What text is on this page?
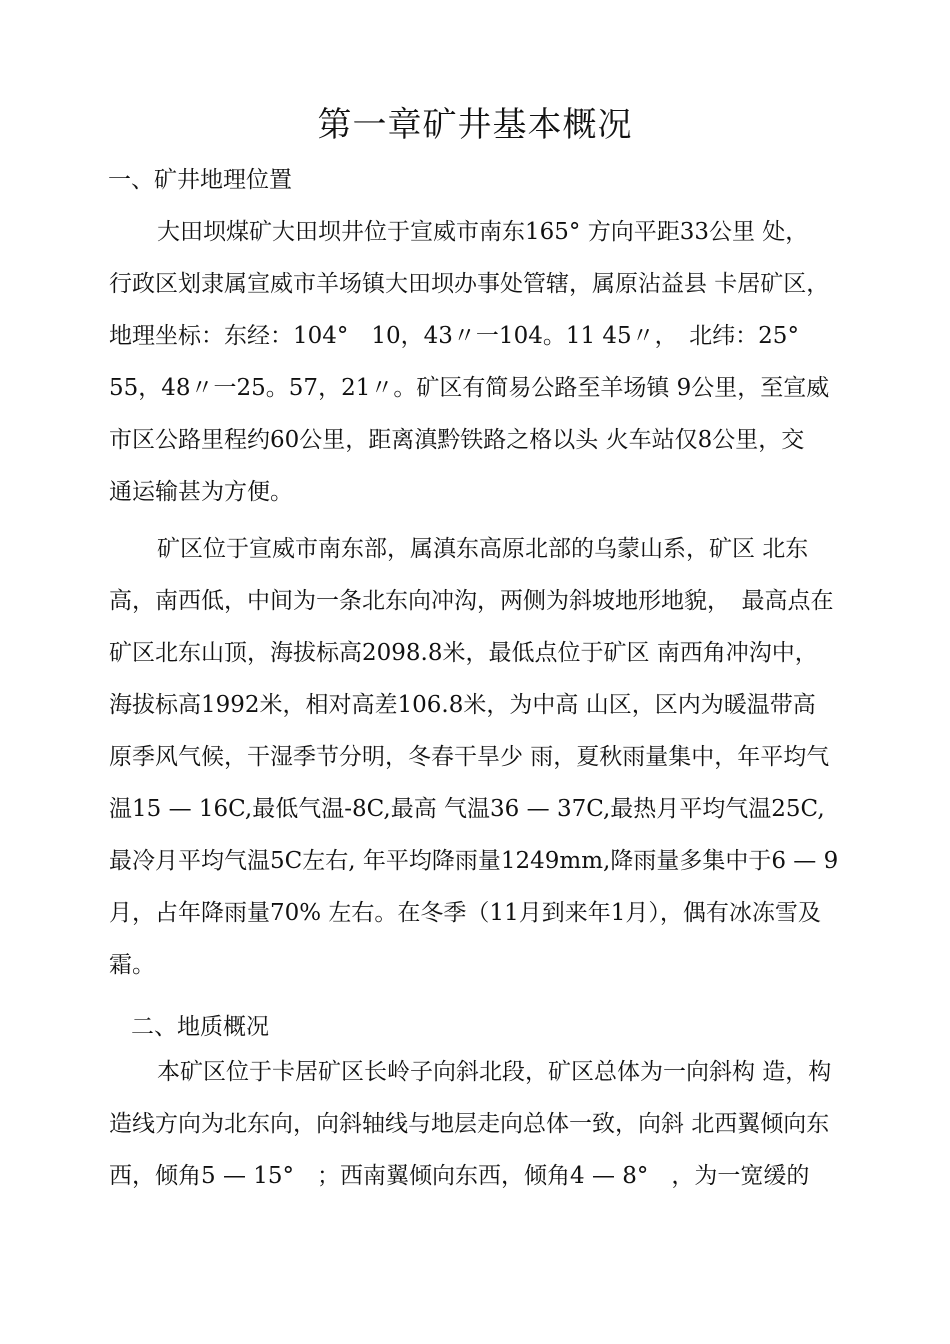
第一章矿井基本概况
一、矿井地理位置
大田坝煤矿大田坝井位于宣威市南东165° 方向平距33公里 处，
行政区划隶属宣威市羊场镇大田坝办事处管辖，属原沾益县 卡居矿区，
地理坐标：东经：104°　10，43〃一104。11 45〃，　北纬：25°
55，48〃一25。57，21〃。矿区有简易公路至羊场镇 9公里，至宣威
市区公路里程约60公里，距离滇黔铁路之格以头 火车站仅8公里，交
通运输甚为方便。
矿区位于宣威市南东部，属滇东高原北部的乌蒙山系，矿区 北东
高，南西低，中间为一条北东向冲沟，两侧为斜坡地形地貌，　最高点在
矿区北东山顶，海拔标高2098.8米，最低点位于矿区 南西角冲沟中，
海拔标高1992米，相对高差106.8米，为中高 山区，区内为暖温带高
原季风气候，干湿季节分明，冬春干旱少 雨，夏秋雨量集中，年平均气
温15 — 16C,最低气温-8C,最高 气温36 — 37C,最热月平均气温25C,
最冷月平均气温5C左右, 年平均降雨量1249mm,降雨量多集中于6 — 9
月，占年降雨量70% 左右。在冬季（11月到来年1月），偶有冰冻雪及
霜。
二、地质概况
本矿区位于卡居矿区长岭子向斜北段，矿区总体为一向斜构 造，构
造线方向为北东向，向斜轴线与地层走向总体一致，向斜 北西翼倾向东
西，倾角5 — 15°　；西南翼倾向东西，倾角4 — 8°　，为一宽缓的
